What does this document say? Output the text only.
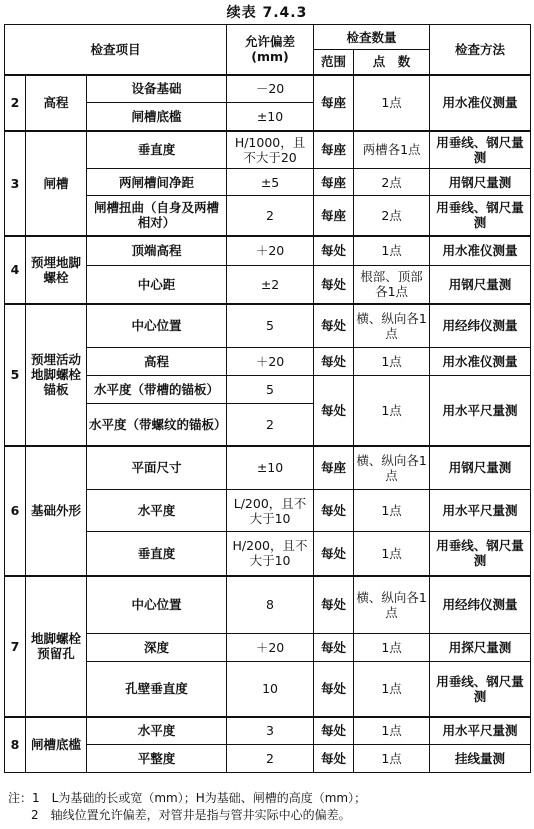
续表 7.4.3
检查项目			允许偏差
(mm)	检查数量		检查方法
				范围	点　数	
2	高程	设备基础	－20	每座	1点	用水准仪测量
		闸槽底槛	±10			
3	闸槽	垂直度	H/1000，且不大于20	每座	两槽各1点	用垂线、钢尺量测
		两闸槽间净距	±5	每座	2点	用钢尺量测
		闸槽扭曲（自身及两槽相对）	2	每座	2点	用垂线、钢尺量测
4	预埋地脚螺栓	顶端高程	＋20	每处	1点	用水准仪测量
		中心距	±2	每处	根部、顶部各1点	用钢尺量测
5	预埋活动地脚螺栓锚板	中心位置	5	每处	横、纵向各1点	用经纬仪测量
		高程	＋20	每处	1点	用水准仪测量
		水平度（带槽的锚板）	5	每处	1点	用水平尺量测
		水平度（带螺纹的锚板）	2			
6	基础外形	平面尺寸	±10	每座	横、纵向各1点	用钢尺量测
		水平度	L/200，且不大于10	每处	1点	用水平尺量测
		垂直度	H/200，且不大于10	每处	1点	用垂线、钢尺量测
7	地脚螺栓预留孔	中心位置	8	每处	横、纵向各1点	用经纬仪测量
		深度	＋20	每处	1点	用探尺量测
		孔壁垂直度	10	每处	1点	用垂线、钢尺量测
8	闸槽底槛	水平度	3	每处	1点	用水平尺量测
		平整度	2	每处	1点	挂线量测
注：1　L为基础的长或宽（mm）；H为基础、闸槽的高度（mm）；
2　轴线位置允许偏差，对管井是指与管井实际中心的偏差。
